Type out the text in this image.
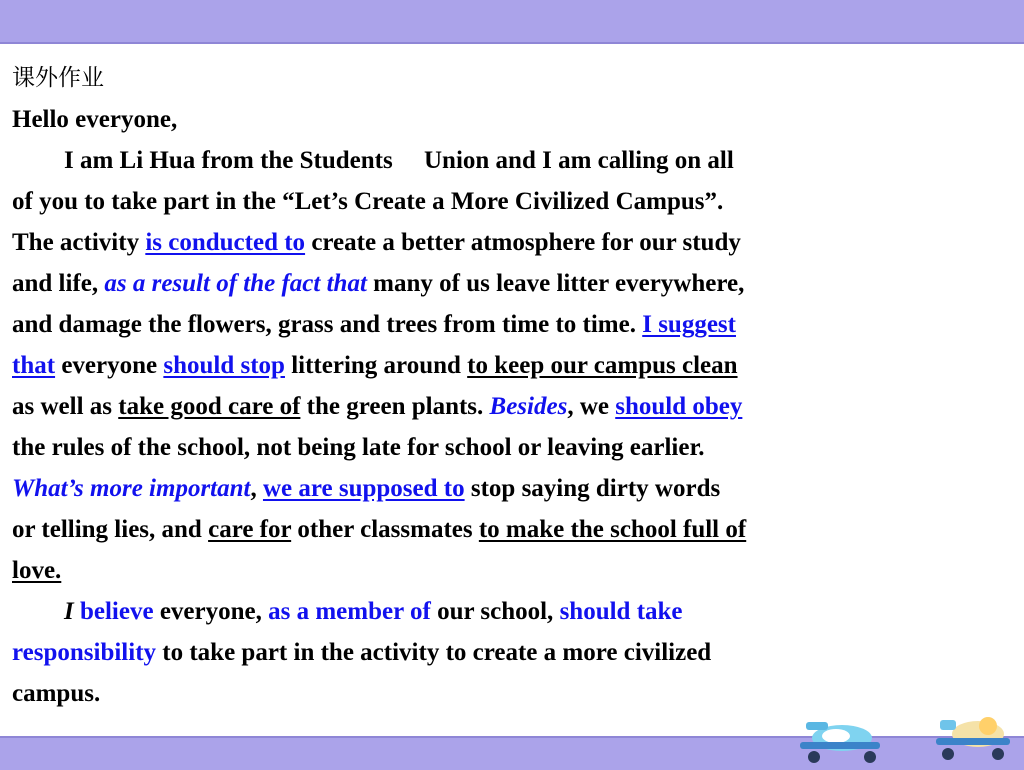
课外作业
Hello everyone,
I am Li Hua from the Students     Union and I am calling on all
of you to take part in the “Let’s Create a More Civilized Campus”.
The activity is conducted to create a better atmosphere for our study
and life, as a result of the fact that many of us leave litter everywhere,
and damage the flowers, grass and trees from time to time. I suggest
that everyone should stop littering around to keep our campus clean
as well as take good care of the green plants. Besides, we should obey
the rules of the school, not being late for school or leaving earlier.
What’s more important, we are supposed to stop saying dirty words
or telling lies, and care for other classmates to make the school full of
love.
I believe everyone, as a member of our school, should take
responsibility to take part in the activity to create a more civilized
campus.
